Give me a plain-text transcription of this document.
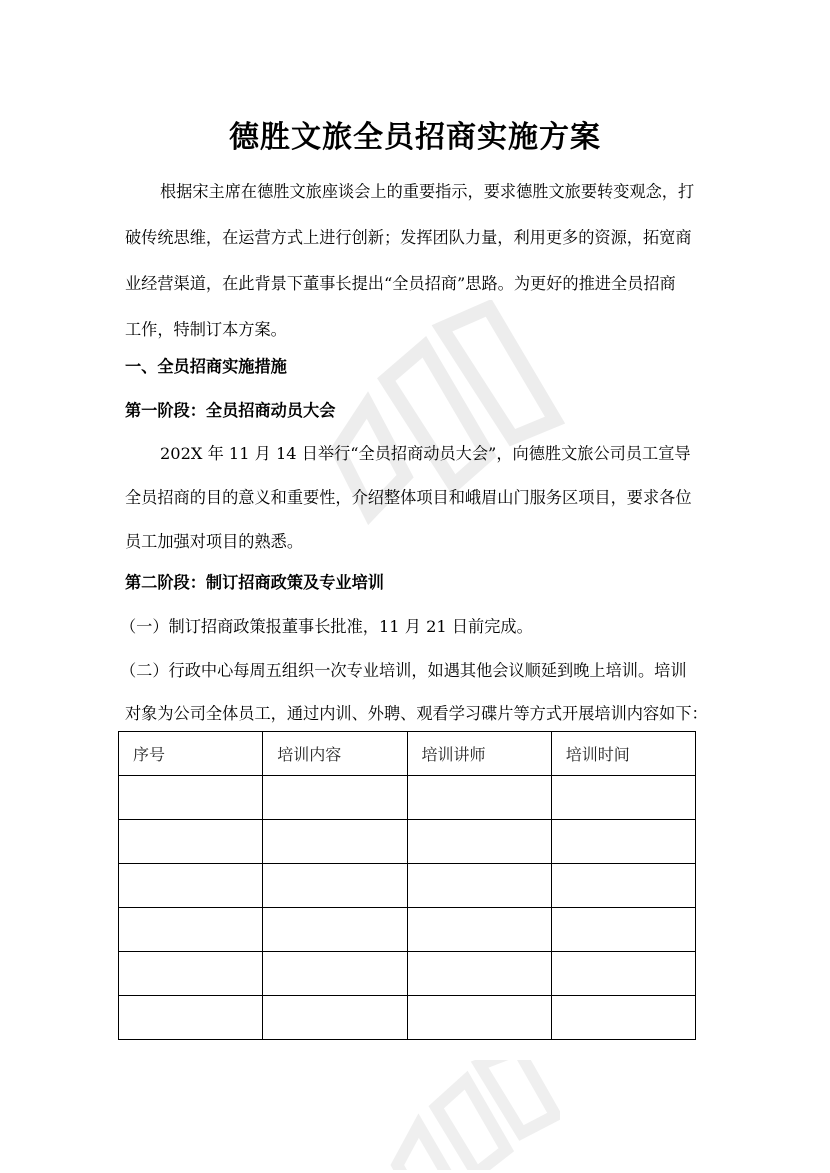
德胜文旅全员招商实施方案
根据宋主席在德胜文旅座谈会上的重要指示，要求德胜文旅要转变观念，打
破传统思维，在运营方式上进行创新；发挥团队力量，利用更多的资源，拓宽商
业经营渠道，在此背景下董事长提出“全员招商”思路。为更好的推进全员招商
工作，特制订本方案。
一、全员招商实施措施
第一阶段：全员招商动员大会
202X 年 11 月 14 日举行“全员招商动员大会”，向德胜文旅公司员工宣导
全员招商的目的意义和重要性，介绍整体项目和峨眉山门服务区项目，要求各位
员工加强对项目的熟悉。
第二阶段：制订招商政策及专业培训
（一）制订招商政策报董事长批准，11 月 21 日前完成。
（二）行政中心每周五组织一次专业培训，如遇其他会议顺延到晚上培训。培训
对象为公司全体员工，通过内训、外聘、观看学习碟片等方式开展培训内容如下：
序号	培训内容	培训讲师	培训时间
